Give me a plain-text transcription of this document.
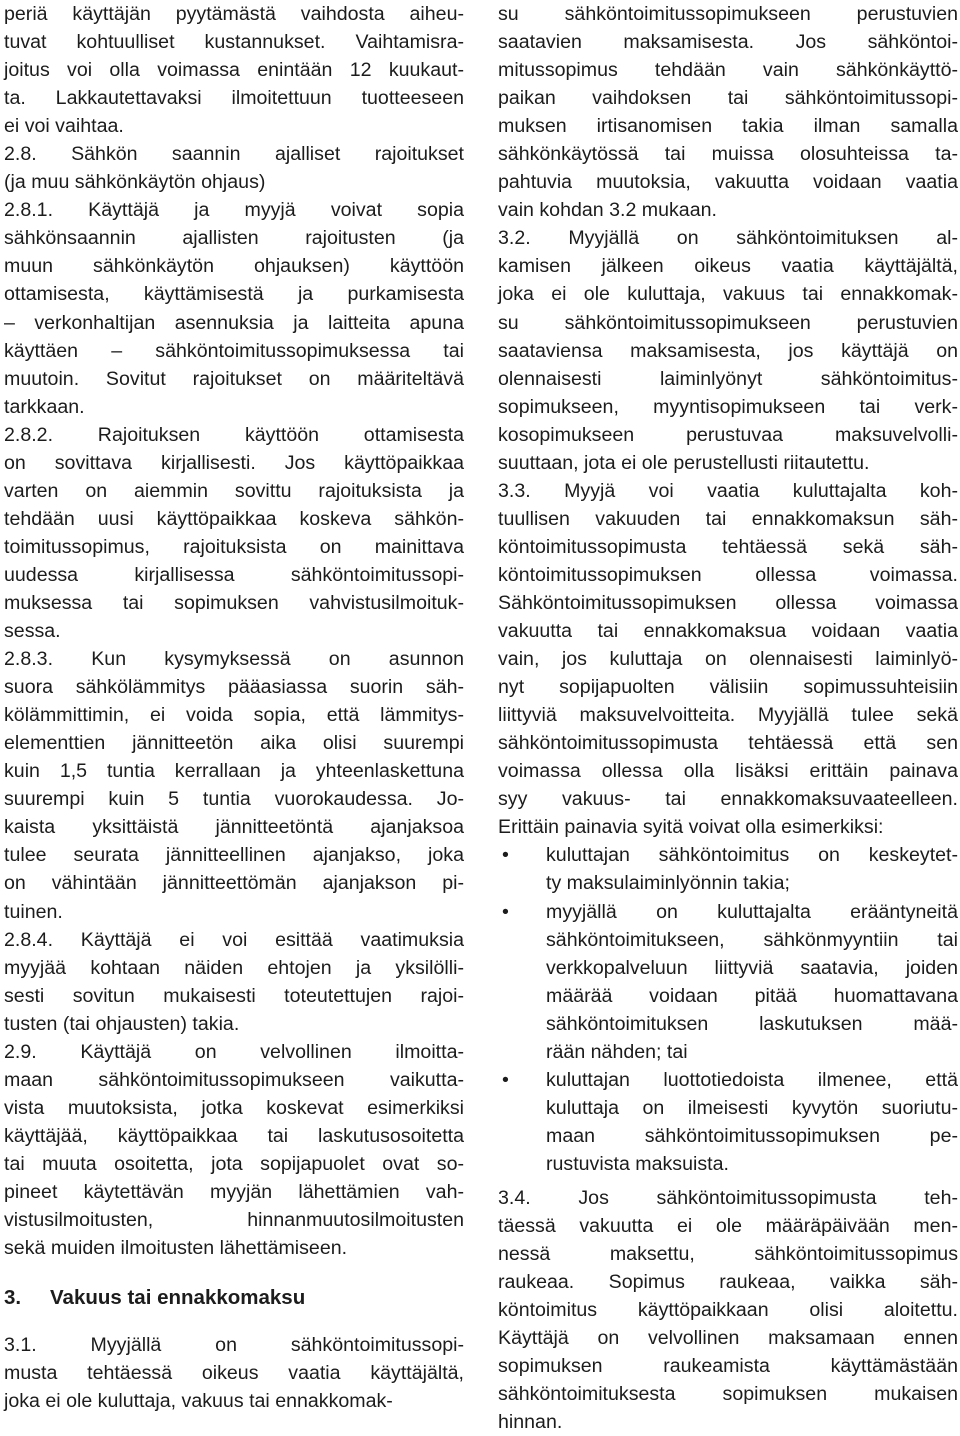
periä käyttäjän pyytämästä vaihdosta aiheu-
tuvat kohtuulliset kustannukset. Vaihtamisra-
joitus voi olla voimassa enintään 12 kuukaut-
ta. Lakkautettavaksi ilmoitettuun tuotteeseen
ei voi vaihtaa.
2.8. Sähkön saannin ajalliset rajoitukset
(ja muu sähkönkäytön ohjaus)
2.8.1. Käyttäjä ja myyjä voivat sopia
sähkönsaannin ajallisten rajoitusten (ja
muun sähkönkäytön ohjauksen) käyttöön
ottamisesta, käyttämisestä ja purkamisesta
– verkonhaltijan asennuksia ja laitteita apuna
käyttäen – sähköntoimitussopimuksessa tai
muutoin. Sovitut rajoitukset on määriteltävä
tarkkaan.
2.8.2. Rajoituksen käyttöön ottamisesta
on sovittava kirjallisesti. Jos käyttöpaikkaa
varten on aiemmin sovittu rajoituksista ja
tehdään uusi käyttöpaikkaa koskeva sähkön-
toimitussopimus, rajoituksista on mainittava
uudessa kirjallisessa sähköntoimitussopi-
muksessa tai sopimuksen vahvistusilmoituk-
sessa.
2.8.3. Kun kysymyksessä on asunnon
suora sähkölämmitys pääasiassa suorin säh-
kölämmittimin, ei voida sopia, että lämmitys-
elementtien jännitteetön aika olisi suurempi
kuin 1,5 tuntia kerrallaan ja yhteenlaskettuna
suurempi kuin 5 tuntia vuorokaudessa. Jo-
kaista yksittäistä jännitteetöntä ajanjaksoa
tulee seurata jännitteellinen ajanjakso, joka
on vähintään jännitteettömän ajanjakson pi-
tuinen.
2.8.4. Käyttäjä ei voi esittää vaatimuksia
myyjää kohtaan näiden ehtojen ja yksilölli-
sesti sovitun mukaisesti toteutettujen rajoi-
tusten (tai ohjausten) takia.
2.9. Käyttäjä on velvollinen ilmoitta-
maan sähköntoimitussopimukseen vaikutta-
vista muutoksista, jotka koskevat esimerkiksi
käyttäjää, käyttöpaikkaa tai laskutusosoitetta
tai muuta osoitetta, jota sopijapuolet ovat so-
pineet käytettävän myyjän lähettämien vah-
vistusilmoitusten, hinnanmuutosilmoitusten
sekä muiden ilmoitusten lähettämiseen.
3. Vakuus tai ennakkomaksu
3.1. Myyjällä on sähköntoimitussopi-
musta tehtäessä oikeus vaatia käyttäjältä,
joka ei ole kuluttaja, vakuus tai ennakkomak-
su sähköntoimitussopimukseen perustuvien
saatavien maksamisesta. Jos sähköntoi-
mitussopimus tehdään vain sähkönkäyttö-
paikan vaihdoksen tai sähköntoimitussopi-
muksen irtisanomisen takia ilman samalla
sähkönkäytössä tai muissa olosuhteissa ta-
pahtuvia muutoksia, vakuutta voidaan vaatia
vain kohdan 3.2 mukaan.
3.2. Myyjällä on sähköntoimituksen al-
kamisen jälkeen oikeus vaatia käyttäjältä,
joka ei ole kuluttaja, vakuus tai ennakkomak-
su sähköntoimitussopimukseen perustuvien
saataviensa maksamisesta, jos käyttäjä on
olennaisesti laiminlyönyt sähköntoimitus-
sopimukseen, myyntisopimukseen tai verk-
kosopimukseen perustuvaa maksuvelvolli-
suuttaan, jota ei ole perustellusti riitautettu.
3.3. Myyjä voi vaatia kuluttajalta koh-
tuullisen vakuuden tai ennakkomaksun säh-
köntoimitussopimusta tehtäessä sekä säh-
köntoimitussopimuksen ollessa voimassa.
Sähköntoimitussopimuksen ollessa voimassa
vakuutta tai ennakkomaksua voidaan vaatia
vain, jos kuluttaja on olennaisesti laiminlyö-
nyt sopijapuolten välisiin sopimussuhteisiin
liittyviä maksuvelvoitteita. Myyjällä tulee sekä
sähköntoimitussopimusta tehtäessä että sen
voimassa ollessa olla lisäksi erittäin painava
syy vakuus- tai ennakkomaksuvaateelleen.
Erittäin painavia syitä voivat olla esimerkiksi:
• kuluttajan sähköntoimitus on keskeytet-
ty maksulaiminlyönnin takia;
• myyjällä on kuluttajalta erääntyneitä
sähköntoimitukseen, sähkönmyyntiin tai
verkkopalveluun liittyviä saatavia, joiden
määrää voidaan pitää huomattavana
sähköntoimituksen laskutuksen mää-
rään nähden; tai
• kuluttajan luottotiedoista ilmenee, että
kuluttaja on ilmeisesti kyvytön suoriutu-
maan sähköntoimitussopimuksen pe-
rustuvista maksuista.
3.4. Jos sähköntoimitussopimusta teh-
täessä vakuutta ei ole määräpäivään men-
nessä maksettu, sähköntoimitussopimus
raukeaa. Sopimus raukeaa, vaikka säh-
köntoimitus käyttöpaikkaan olisi aloitettu.
Käyttäjä on velvollinen maksamaan ennen
sopimuksen raukeamista käyttämästään
sähköntoimituksesta sopimuksen mukaisen
hinnan.
